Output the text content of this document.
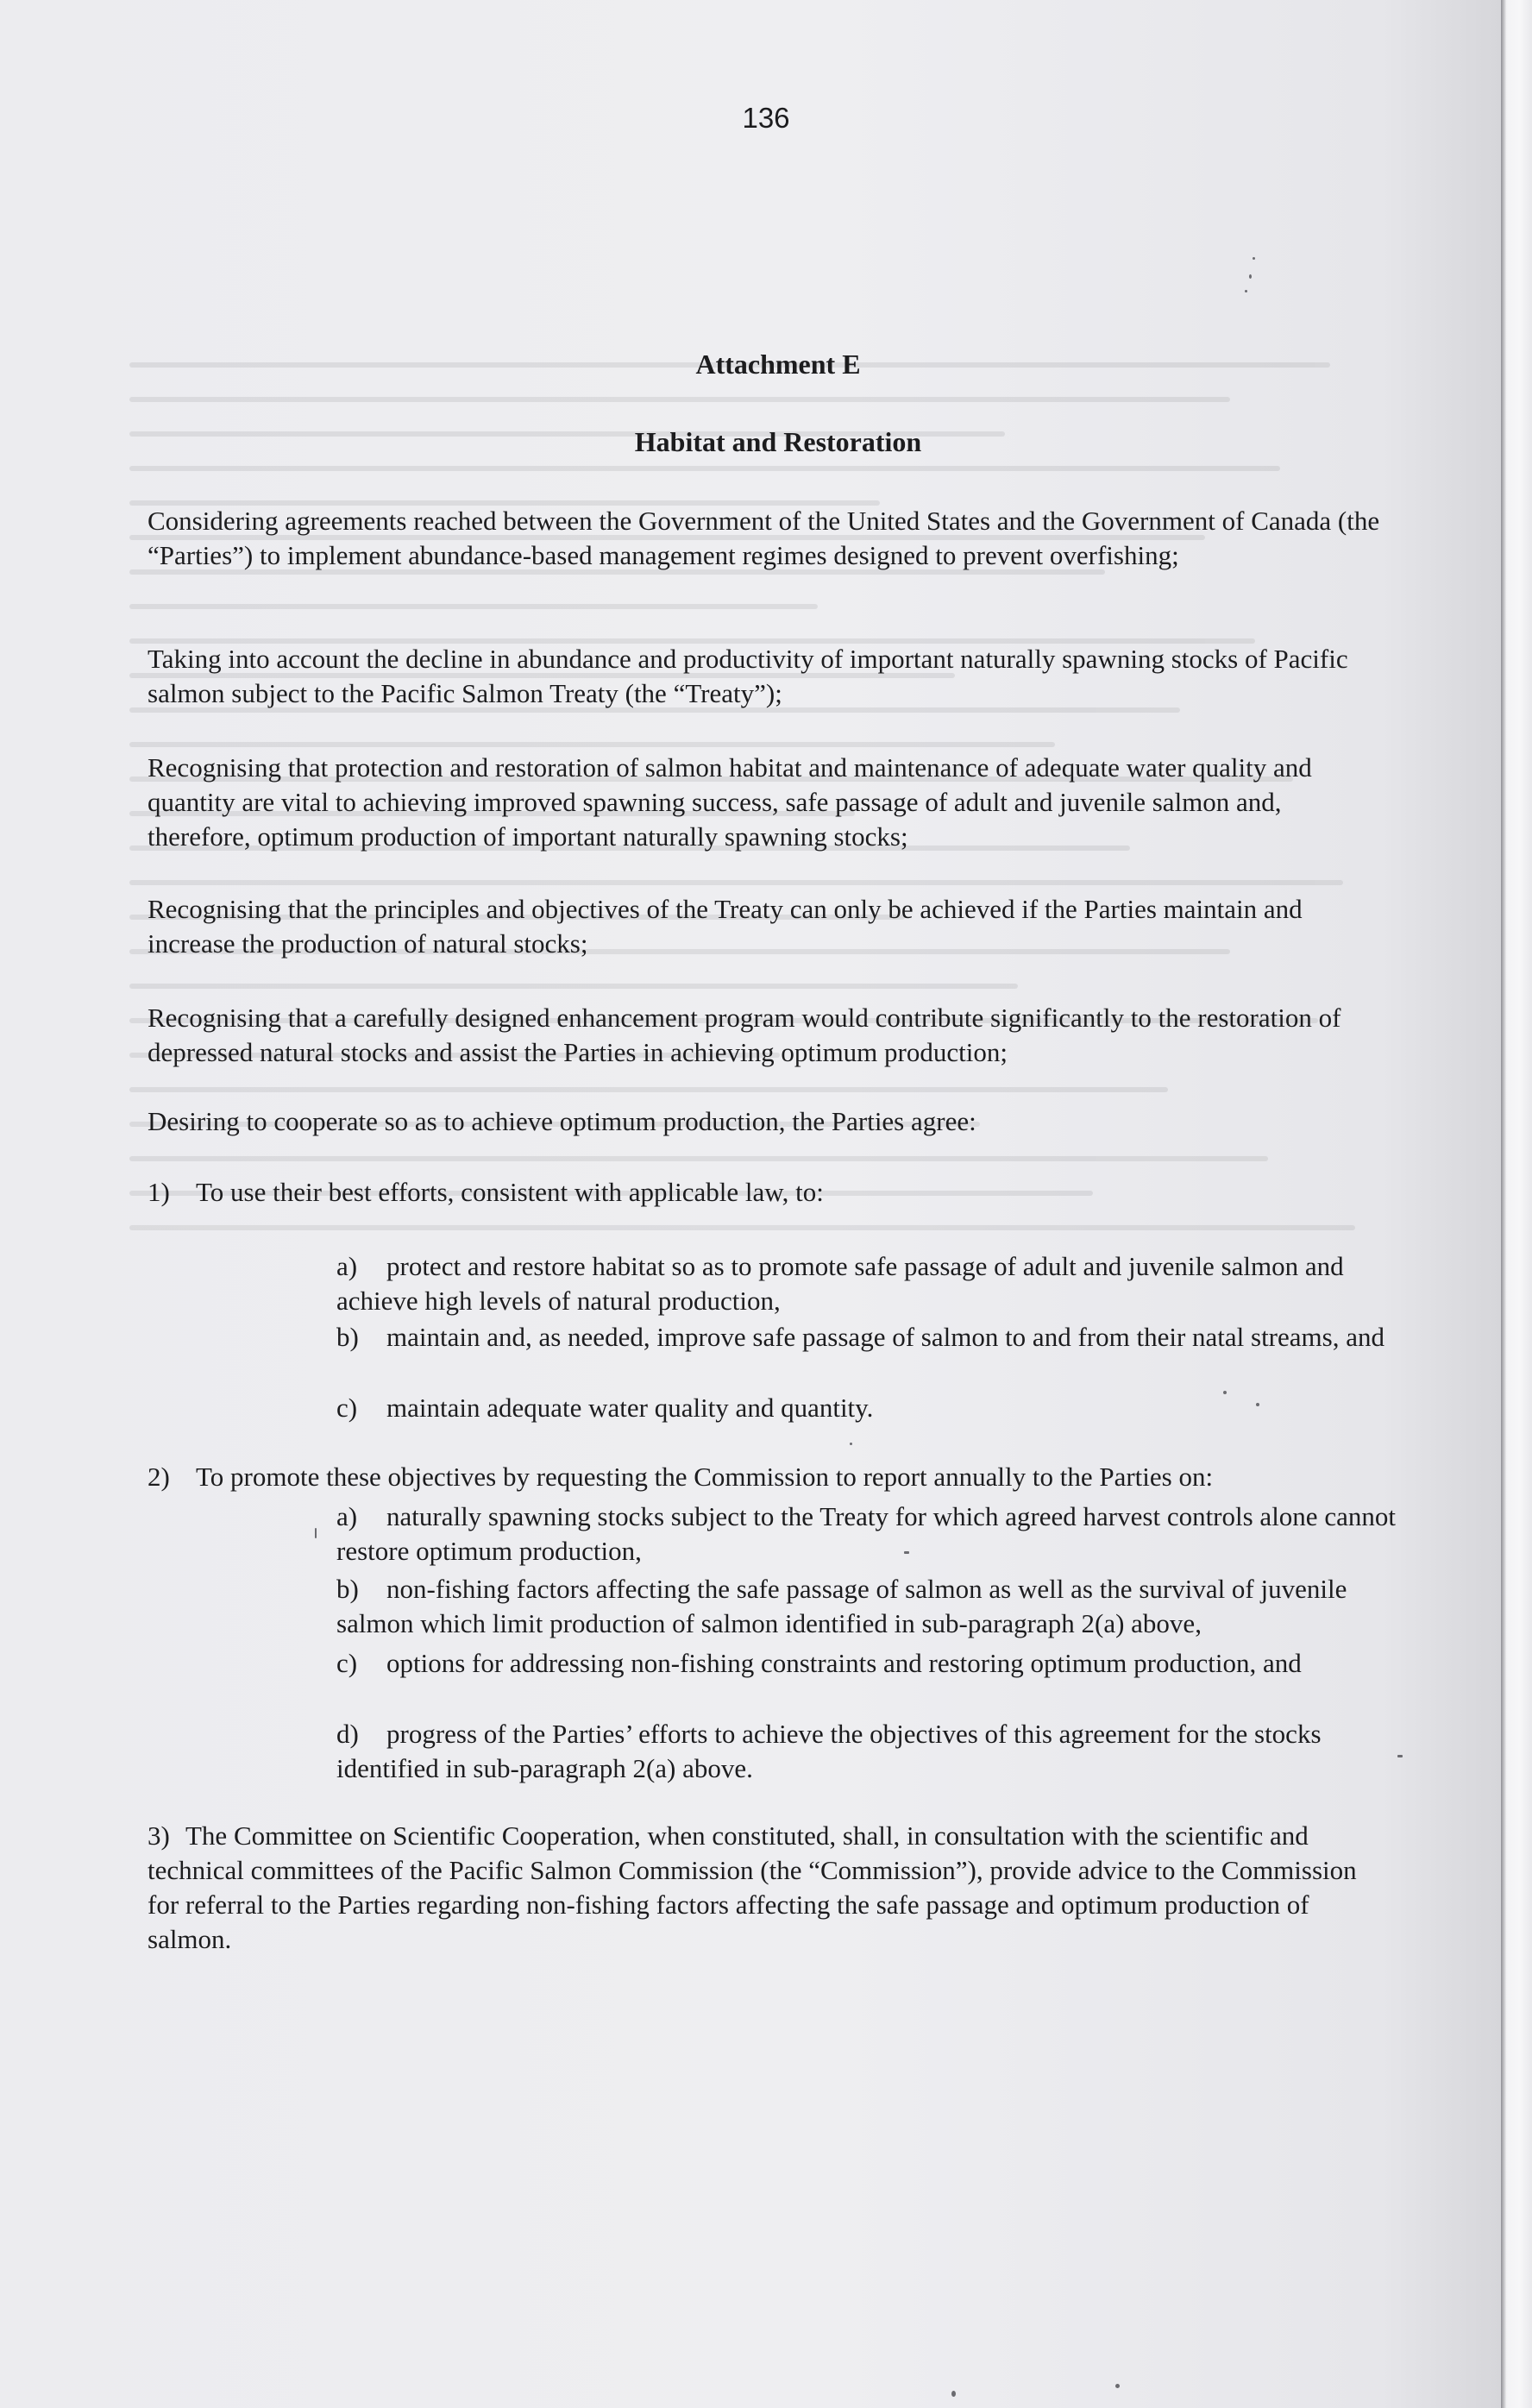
136
Attachment E
Habitat and Restoration
Considering agreements reached between the Government of the United States and the Government of Canada (the “Parties”) to implement abundance-based management regimes designed to prevent overfishing;
Taking into account the decline in abundance and productivity of important naturally spawning stocks of Pacific salmon subject to the Pacific Salmon Treaty (the “Treaty”);
Recognising that protection and restoration of salmon habitat and maintenance of adequate water quality and quantity are vital to achieving improved spawning success, safe passage of adult and juvenile salmon and, therefore, optimum production of important naturally spawning stocks;
Recognising that the principles and objectives of the Treaty can only be achieved if the Parties maintain and increase the production of natural stocks;
Recognising that a carefully designed enhancement program would contribute significantly to the restoration of depressed natural stocks and assist the Parties in achieving optimum production;
Desiring to cooperate so as to achieve optimum production, the Parties agree:
1) To use their best efforts, consistent with applicable law, to:
a) protect and restore habitat so as to promote safe passage of adult and juvenile salmon and achieve high levels of natural production,
b) maintain and, as needed, improve safe passage of salmon to and from their natal streams, and
c) maintain adequate water quality and quantity.
2) To promote these objectives by requesting the Commission to report annually to the Parties on:
a) naturally spawning stocks subject to the Treaty for which agreed harvest controls alone cannot restore optimum production,
b) non-fishing factors affecting the safe passage of salmon as well as the survival of juvenile salmon which limit production of salmon identified in sub-paragraph 2(a) above,
c) options for addressing non-fishing constraints and restoring optimum production, and
d) progress of the Parties’ efforts to achieve the objectives of this agreement for the stocks identified in sub-paragraph 2(a) above.
3) The Committee on Scientific Cooperation, when constituted, shall, in consultation with the scientific and technical committees of the Pacific Salmon Commission (the “Commission”), provide advice to the Commission for referral to the Parties regarding non-fishing factors affecting the safe passage and optimum production of salmon.
